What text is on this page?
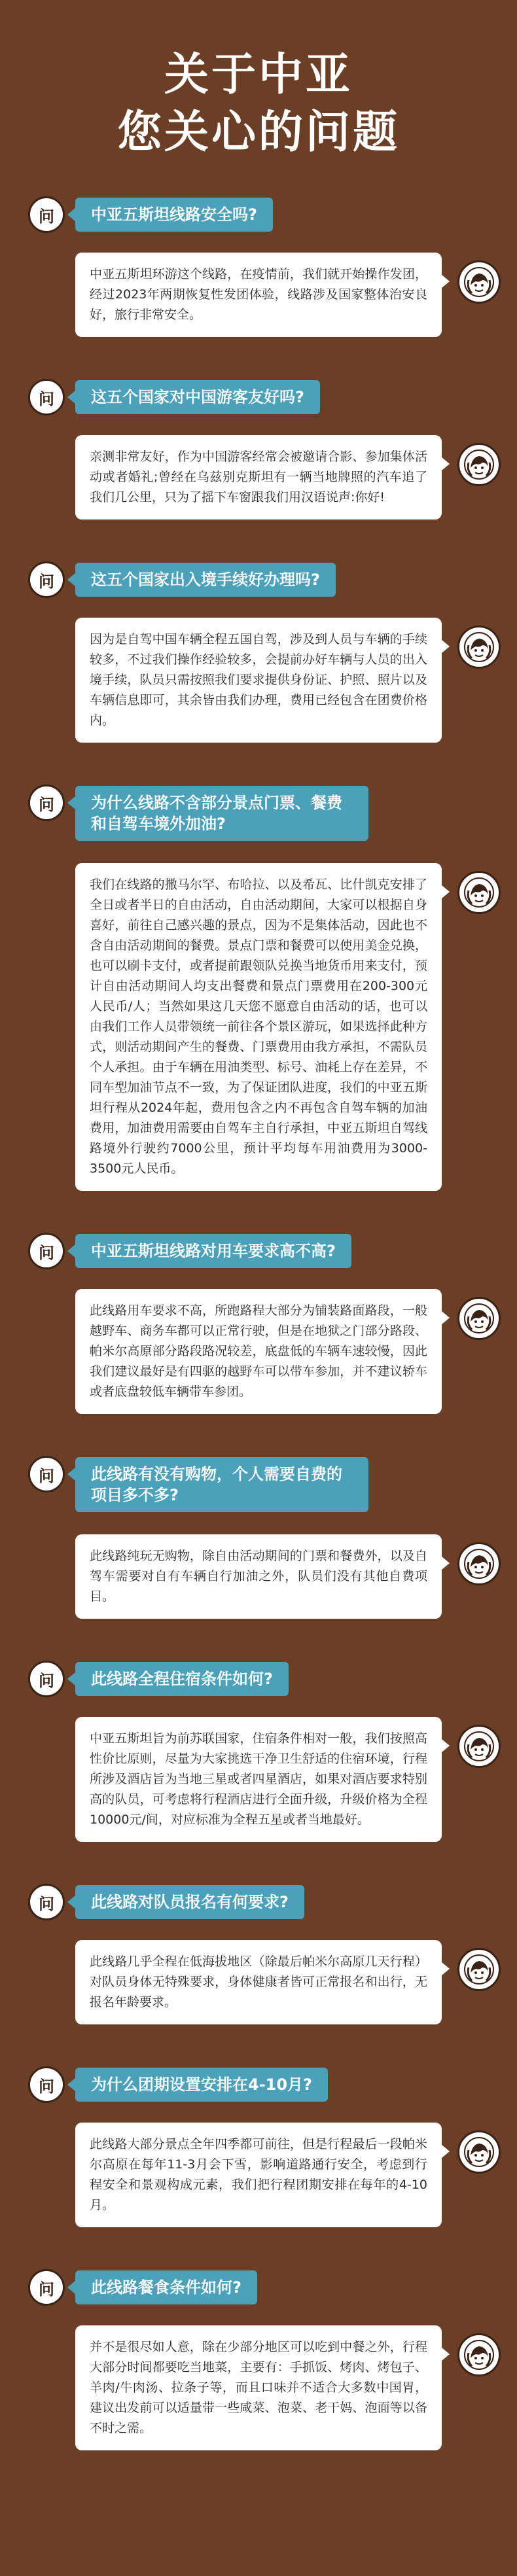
关于中亚
您关心的问题
问	中亚五斯坦线路安全吗?
中亚五斯坦环游这个线路，在疫情前，我们就开始操作发团，经过2023年两期恢复性发团体验，线路涉及国家整体治安良好，旅行非常安全。
问	这五个国家对中国游客友好吗?
亲测非常友好，作为中国游客经常会被邀请合影、参加集体活动或者婚礼;曾经在乌兹别克斯坦有一辆当地牌照的汽车追了我们几公里，只为了摇下车窗跟我们用汉语说声:你好!
问	这五个国家出入境手续好办理吗?
因为是自驾中国车辆全程五国自驾，涉及到人员与车辆的手续较多，不过我们操作经验较多，会提前办好车辆与人员的出入境手续，队员只需按照我们要求提供身份证、护照、照片以及车辆信息即可，其余皆由我们办理，费用已经包含在团费价格内。
问	为什么线路不含部分景点门票、餐费和自驾车境外加油?
我们在线路的撒马尔罕、布哈拉、以及希瓦、比什凯克安排了全日或者半日的自由活动，自由活动期间，大家可以根据自身喜好，前往自己感兴趣的景点，因为不是集体活动，因此也不含自由活动期间的餐费。景点门票和餐费可以使用美金兑换，也可以刷卡支付，或者提前跟领队兑换当地货币用来支付，预计自由活动期间人均支出餐费和景点门票费用在200-300元人民币/人；当然如果这几天您不愿意自由活动的话，也可以由我们工作人员带领统一前往各个景区游玩，如果选择此种方式，则活动期间产生的餐费、门票费用由我方承担，不需队员个人承担。由于车辆在用油类型、标号、油耗上存在差异，不同车型加油节点不一致，为了保证团队进度，我们的中亚五斯坦行程从2024年起，费用包含之内不再包含自驾车辆的加油费用，加油费用需要由自驾车主自行承担，中亚五斯坦自驾线路境外行驶约7000公里，预计平均每车用油费用为3000-3500元人民币。
问	中亚五斯坦线路对用车要求高不高?
此线路用车要求不高，所跑路程大部分为铺装路面路段，一般越野车、商务车都可以正常行驶，但是在地狱之门部分路段、帕米尔高原部分路段路况较差，底盘低的车辆车速较慢，因此我们建议最好是有四驱的越野车可以带车参加，并不建议轿车或者底盘较低车辆带车参团。
问	此线路有没有购物，个人需要自费的项目多不多?
此线路纯玩无购物，除自由活动期间的门票和餐费外，以及自驾车需要对自有车辆自行加油之外，队员们没有其他自费项目。
问	此线路全程住宿条件如何?
中亚五斯坦旨为前苏联国家，住宿条件相对一般，我们按照高性价比原则，尽量为大家挑选干净卫生舒适的住宿环境，行程所涉及酒店旨为当地三星或者四星酒店，如果对酒店要求特别高的队员，可考虑将行程酒店进行全面升级，升级价格为全程10000元/间，对应标准为全程五星或者当地最好。
问	此线路对队员报名有何要求?
此线路几乎全程在低海拔地区（除最后帕米尔高原几天行程）对队员身体无特殊要求，身体健康者皆可正常报名和出行，无报名年龄要求。
问	为什么团期设置安排在4-10月?
此线路大部分景点全年四季都可前往，但是行程最后一段帕米尔高原在每年11-3月会下雪，影响道路通行安全，考虑到行程安全和景观构成元素，我们把行程团期安排在每年的4-10月。
问	此线路餐食条件如何?
并不是很尽如人意，除在少部分地区可以吃到中餐之外，行程大部分时间都要吃当地菜，主要有：手抓饭、烤肉、烤包子、羊肉/牛肉汤、拉条子等，而且口味并不适合大多数中国胃，建议出发前可以适量带一些咸菜、泡菜、老干妈、泡面等以备不时之需。
